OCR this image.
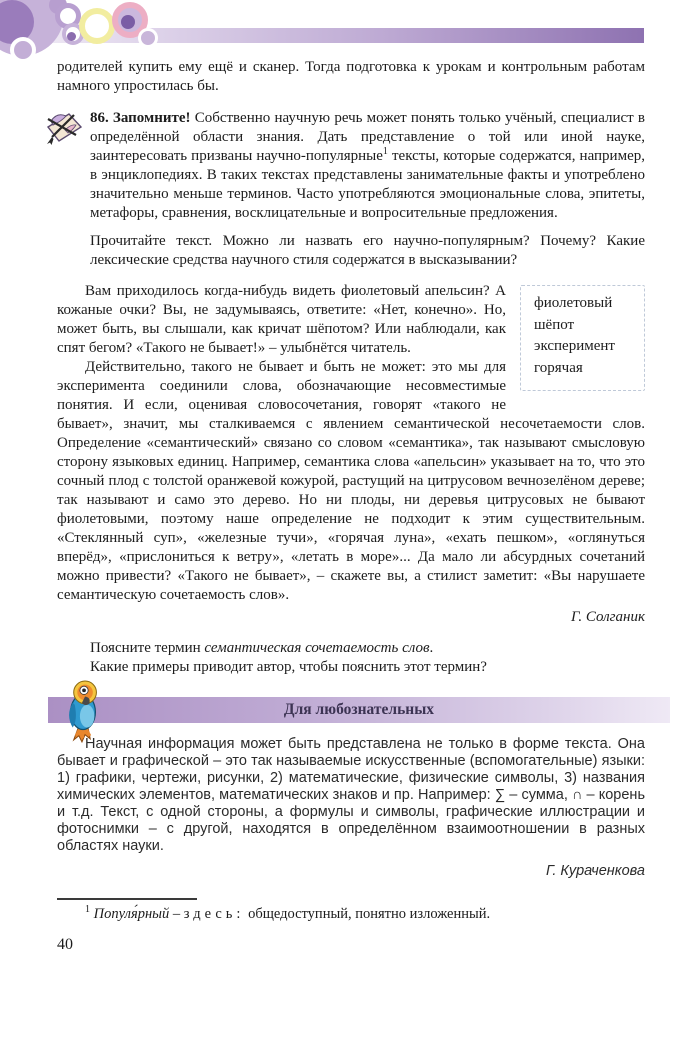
родителей купить ему ещё и сканер. Тогда подготовка к урокам и контрольным работам намного упростилась бы.

86. Запомните! Собственно научную речь может понять только учёный, специалист в определённой области знания. Дать представление о той или иной науке, заинтересовать призваны научно-популярные$^1$ тексты, которые содержатся, например, в энциклопедиях. В таких текстах представлены занимательные факты и употреблено значительно меньше терминов. Часто употребляются эмоциональные слова, эпитеты, метафоры, сравнения, восклицательные и вопросительные предложения.

Прочитайте текст. Можно ли назвать его научно-популярным? Почему? Какие лексические средства научного стиля содержатся в высказывании?

фиолетовый
шёпот
эксперимент
горячая

Вам приходилось когда-нибудь видеть фиолетовый апельсин? А кожаные очки? Вы, не задумываясь, ответите: «Нет, конечно». Но, может быть, вы слышали, как кричат шёпотом? Или наблюдали, как спят бегом? «Такого не бывает!» – улыбнётся читатель.

Действительно, такого не бывает и быть не может: это мы для эксперимента соединили слова, обозначающие несовместимые понятия. И если, оценивая словосочетания, говорят «такого не бывает», значит, мы сталкиваемся с явлением семантической несочетаемости слов. Определение «семантический» связано со словом «семантика», так называют смысловую сторону языковых единиц. Например, семантика слова «апельсин» указывает на то, что это сочный плод с толстой оранжевой кожурой, растущий на цитрусовом вечнозелёном дереве; так называют и само это дерево. Но ни плоды, ни деревья цитрусовых не бывают фиолетовыми, поэтому наше определение не подходит к этим существительным. «Стеклянный суп», «железные тучи», «горячая луна», «ехать пешком», «оглянуться вперёд», «прислониться к ветру», «летать в море»... Да мало ли абсурдных сочетаний можно привести? «Такого не бывает», – скажете вы, а стилист заметит: «Вы нарушаете семантическую сочетаемость слов».

Г. Солганик

Поясните термин семантическая сочетаемость слов.

Какие примеры приводит автор, чтобы пояснить этот термин?

Для любознательных

Научная информация может быть представлена не только в форме текста. Она бывает и графической – это так называемые искусственные (вспомогательные) языки: 1) графики, чертежи, рисунки, 2) математические, физические символы, 3) названия химических элементов, математических знаков и пр. Например: ∑ – сумма, ∩ – корень и т.д. Текст, с одной стороны, а формулы и символы, графические иллюстрации и фотоснимки – с другой, находятся в определённом взаимоотношении в разных областях науки.

Г. Кураченкова

$^1$ Популя́рный – здесь: общедоступный, понятно изложенный.

40
